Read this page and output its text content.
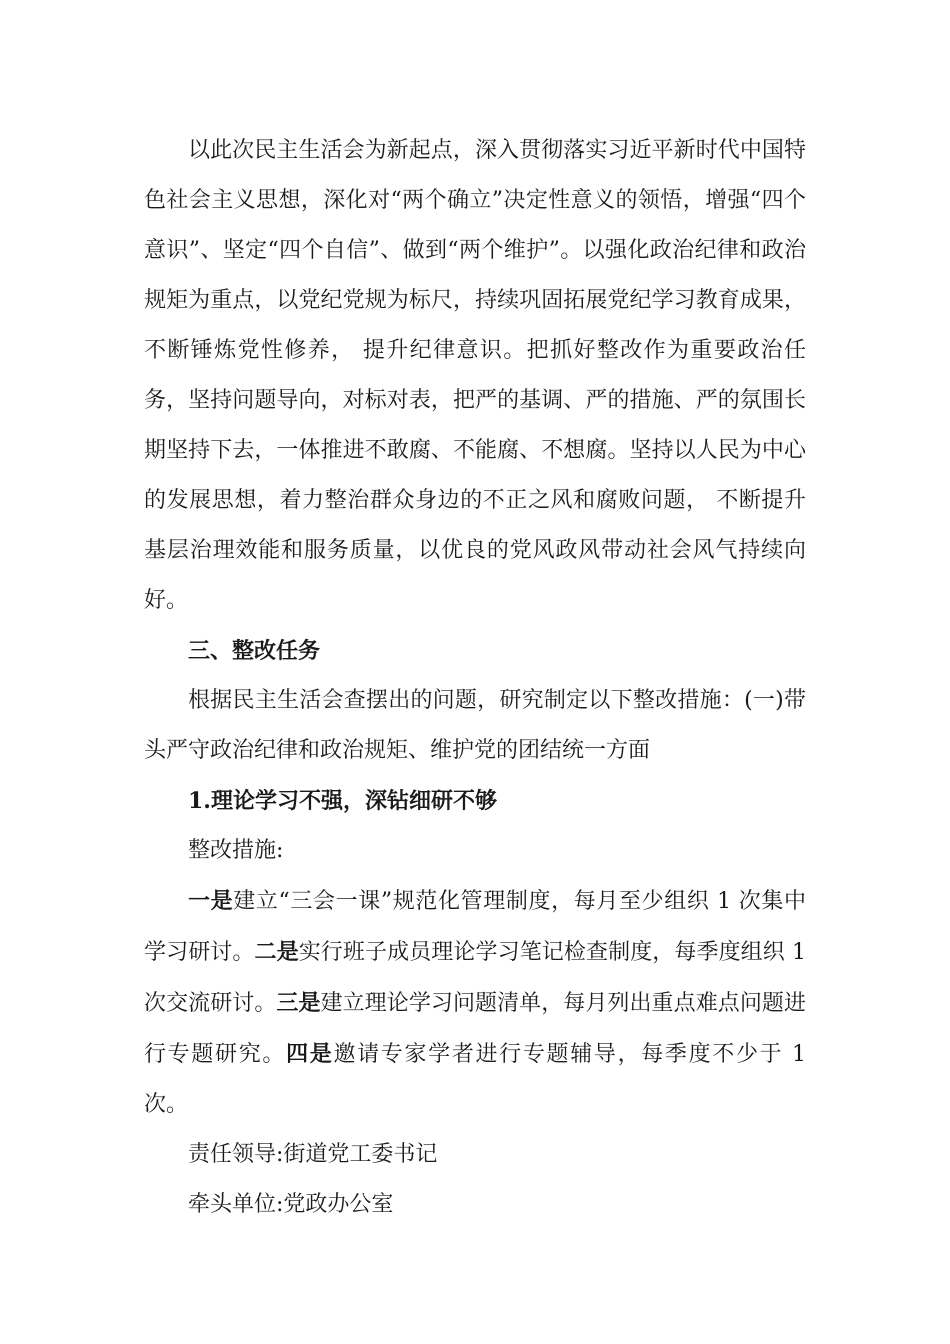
以此次民主生活会为新起点，深入贯彻落实习近平新时代中国特色社会主义思想，深化对“两个确立”决定性意义的领悟，增强“四个意识”、坚定“四个自信”、做到“两个维护”。以强化政治纪律和政治规矩为重点，以党纪党规为标尺，持续巩固拓展党纪学习教育成果，不断锤炼党性修养， 提升纪律意识。把抓好整改作为重要政治任务，坚持问题导向，对标对表，把严的基调、严的措施、严的氛围长期坚持下去，一体推进不敢腐、不能腐、不想腐。坚持以人民为中心的发展思想，着力整治群众身边的不正之风和腐败问题， 不断提升基层治理效能和服务质量，以优良的党风政风带动社会风气持续向好。

三、整改任务

根据民主生活会查摆出的问题，研究制定以下整改措施：(一)带头严守政治纪律和政治规矩、维护党的团结统一方面

1.理论学习不强，深钻细研不够

整改措施:

一是建立“三会一课”规范化管理制度，每月至少组织 1 次集中学习研讨。二是实行班子成员理论学习笔记检查制度，每季度组织 1 次交流研讨。三是建立理论学习问题清单，每月列出重点难点问题进行专题研究。四是邀请专家学者进行专题辅导，每季度不少于 1 次。

责任领导:街道党工委书记

牵头单位:党政办公室
